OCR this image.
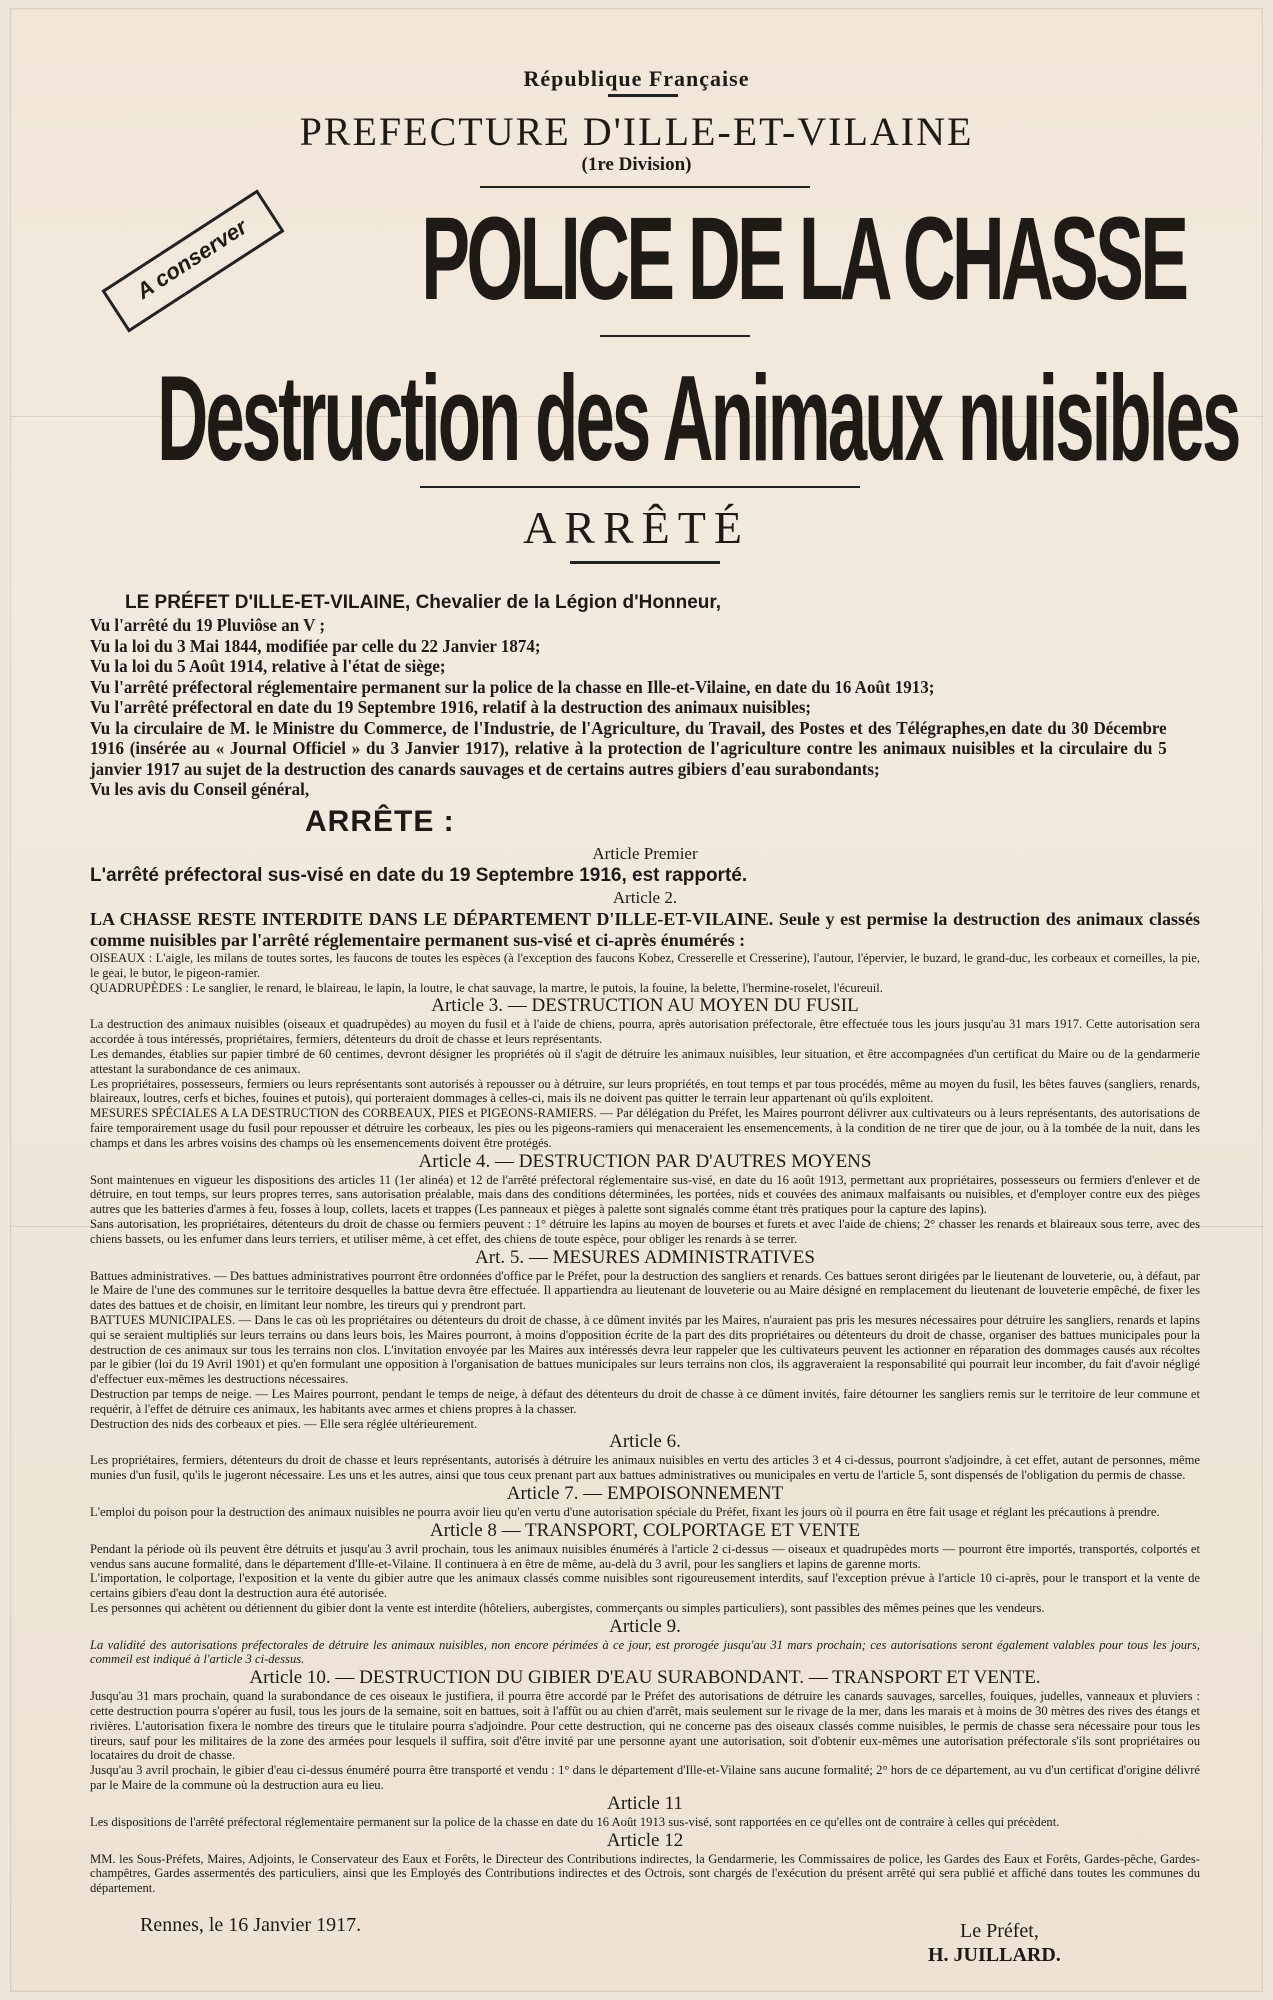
République Française
PREFECTURE D'ILLE-ET-VILAINE
(1re Division)
A conserver POLICE DE LA CHASSE
Destruction des Animaux nuisibles
ARRÊTÉ

LE PRÉFET D'ILLE-ET-VILAINE, Chevalier de la Légion d'Honneur,

Vu l'arrêté du 19 Pluviôse an V ;

Vu la loi du 3 Mai 1844, modifiée par celle du 22 Janvier 1874;

Vu la loi du 5 Août 1914, relative à l'état de siège;

Vu l'arrêté préfectoral réglementaire permanent sur la police de la chasse en Ille-et-Vilaine, en date du 16 Août 1913;

Vu l'arrêté préfectoral en date du 19 Septembre 1916, relatif à la destruction des animaux nuisibles;

Vu la circulaire de M. le Ministre du Commerce, de l'Industrie, de l'Agriculture, du Travail, des Postes et des Télégraphes,en date du 30 Décembre 1916 (insérée au « Journal Officiel » du 3 Janvier 1917), relative à la protection de l'agriculture contre les animaux nuisibles et la circulaire du 5 janvier 1917 au sujet de la destruction des canards sauvages et de certains autres gibiers d'eau surabondants;

Vu les avis du Conseil général,

ARRÊTE :

Article Premier

L'arrêté préfectoral sus-visé en date du 19 Septembre 1916, est rapporté.

Article 2.

LA CHASSE RESTE INTERDITE DANS LE DÉPARTEMENT D'ILLE-ET-VILAINE. Seule y est permise la destruction des animaux classés comme nuisibles par l'arrêté réglementaire permanent sus-visé et ci-après énumérés :

OISEAUX : L'aigle, les milans de toutes sortes, les faucons de toutes les espèces (à l'exception des faucons Kobez, Cresserelle et Cresserine), l'autour, l'épervier, le buzard, le grand-duc, les corbeaux et corneilles, la pie, le geai, le butor, le pigeon-ramier.

QUADRUPÈDES : Le sanglier, le renard, le blaireau, le lapin, la loutre, le chat sauvage, la martre, le putois, la fouine, la belette, l'hermine-roselet, l'écureuil.

Article 3. — DESTRUCTION AU MOYEN DU FUSIL

La destruction des animaux nuisibles (oiseaux et quadrupèdes) au moyen du fusil et à l'aide de chiens, pourra, après autorisation préfectorale, être effectuée tous les jours jusqu'au 31 mars 1917. Cette autorisation sera accordée à tous intéressés, propriétaires, fermiers, détenteurs du droit de chasse et leurs représentants.

Les demandes, établies sur papier timbré de 60 centimes, devront désigner les propriétés où il s'agit de détruire les animaux nuisibles, leur situation, et être accompagnées d'un certificat du Maire ou de la gendarmerie attestant la surabondance de ces animaux.

Les propriétaires, possesseurs, fermiers ou leurs représentants sont autorisés à repousser ou à détruire, sur leurs propriétés, en tout temps et par tous procédés, même au moyen du fusil, les bêtes fauves (sangliers, renards, blaireaux, loutres, cerfs et biches, fouines et putois), qui porteraient dommages à celles-ci, mais ils ne doivent pas quitter le terrain leur appartenant où qu'ils exploitent.

MESURES SPÉCIALES A LA DESTRUCTION des CORBEAUX, PIES et PIGEONS-RAMIERS. — Par délégation du Préfet, les Maires pourront délivrer aux cultivateurs ou à leurs représentants, des autorisations de faire temporairement usage du fusil pour repousser et détruire les corbeaux, les pies ou les pigeons-ramiers qui menaceraient les ensemencements, à la condition de ne tirer que de jour, ou à la tombée de la nuit, dans les champs et dans les arbres voisins des champs où les ensemencements doivent être protégés.

Article 4. — DESTRUCTION PAR D'AUTRES MOYENS

Sont maintenues en vigueur les dispositions des articles 11 (1er alinéa) et 12 de l'arrêté préfectoral réglementaire sus-visé, en date du 16 août 1913, permettant aux propriétaires, possesseurs ou fermiers d'enlever et de détruire, en tout temps, sur leurs propres terres, sans autorisation préalable, mais dans des conditions déterminées, les portées, nids et couvées des animaux malfaisants ou nuisibles, et d'employer contre eux des pièges autres que les batteries d'armes à feu, fosses à loup, collets, lacets et trappes (Les panneaux et pièges à palette sont signalés comme étant très pratiques pour la capture des lapins).

Sans autorisation, les propriétaires, détenteurs du droit de chasse ou fermiers peuvent : 1° détruire les lapins au moyen de bourses et furets et avec l'aide de chiens; 2° chasser les renards et blaireaux sous terre, avec des chiens bassets, ou les enfumer dans leurs terriers, et utiliser même, à cet effet, des chiens de toute espèce, pour obliger les renards à se terrer.

Art. 5. — MESURES ADMINISTRATIVES

Battues administratives. — Des battues administratives pourront être ordonnées d'office par le Préfet, pour la destruction des sangliers et renards. Ces battues seront dirigées par le lieutenant de louveterie, ou, à défaut, par le Maire de l'une des communes sur le territoire desquelles la battue devra être effectuée. Il appartiendra au lieutenant de louveterie ou au Maire désigné en remplacement du lieutenant de louveterie empêché, de fixer les dates des battues et de choisir, en limitant leur nombre, les tireurs qui y prendront part.

BATTUES MUNICIPALES. — Dans le cas où les propriétaires ou détenteurs du droit de chasse, à ce dûment invités par les Maires, n'auraient pas pris les mesures nécessaires pour détruire les sangliers, renards et lapins qui se seraient multipliés sur leurs terrains ou dans leurs bois, les Maires pourront, à moins d'opposition écrite de la part des dits propriétaires ou détenteurs du droit de chasse, organiser des battues municipales pour la destruction de ces animaux sur tous les terrains non clos. L'invitation envoyée par les Maires aux intéressés devra leur rappeler que les cultivateurs peuvent les actionner en réparation des dommages causés aux récoltes par le gibier (loi du 19 Avril 1901) et qu'en formulant une opposition à l'organisation de battues municipales sur leurs terrains non clos, ils aggraveraient la responsabilité qui pourrait leur incomber, du fait d'avoir négligé d'effectuer eux-mêmes les destructions nécessaires.

Destruction par temps de neige. — Les Maires pourront, pendant le temps de neige, à défaut des détenteurs du droit de chasse à ce dûment invités, faire détourner les sangliers remis sur le territoire de leur commune et requérir, à l'effet de détruire ces animaux, les habitants avec armes et chiens propres à la chasser.

Destruction des nids des corbeaux et pies. — Elle sera réglée ultérieurement.

Article 6.

Les propriétaires, fermiers, détenteurs du droit de chasse et leurs représentants, autorisés à détruire les animaux nuisibles en vertu des articles 3 et 4 ci-dessus, pourront s'adjoindre, à cet effet, autant de personnes, même munies d'un fusil, qu'ils le jugeront nécessaire. Les uns et les autres, ainsi que tous ceux prenant part aux battues administratives ou municipales en vertu de l'article 5, sont dispensés de l'obligation du permis de chasse.

Article 7. — EMPOISONNEMENT

L'emploi du poison pour la destruction des animaux nuisibles ne pourra avoir lieu qu'en vertu d'une autorisation spéciale du Préfet, fixant les jours où il pourra en être fait usage et réglant les précautions à prendre.

Article 8 — TRANSPORT, COLPORTAGE ET VENTE

Pendant la période où ils peuvent être détruits et jusqu'au 3 avril prochain, tous les animaux nuisibles énumérés à l'article 2 ci-dessus — oiseaux et quadrupèdes morts — pourront être importés, transportés, colportés et vendus sans aucune formalité, dans le département d'Ille-et-Vilaine. Il continuera à en être de même, au-delà du 3 avril, pour les sangliers et lapins de garenne morts.

L'importation, le colportage, l'exposition et la vente du gibier autre que les animaux classés comme nuisibles sont rigoureusement interdits, sauf l'exception prévue à l'article 10 ci-après, pour le transport et la vente de certains gibiers d'eau dont la destruction aura été autorisée.

Les personnes qui achètent ou détiennent du gibier dont la vente est interdite (hôteliers, aubergistes, commerçants ou simples particuliers), sont passibles des mêmes peines que les vendeurs.

Article 9.

La validité des autorisations préfectorales de détruire les animaux nuisibles, non encore périmées à ce jour, est prorogée jusqu'au 31 mars prochain; ces autorisations seront également valables pour tous les jours, commeil est indiqué à l'article 3 ci-dessus.

Article 10. — DESTRUCTION DU GIBIER D'EAU SURABONDANT. — TRANSPORT ET VENTE.

Jusqu'au 31 mars prochain, quand la surabondance de ces oiseaux le justifiera, il pourra être accordé par le Préfet des autorisations de détruire les canards sauvages, sarcelles, fouiques, judelles, vanneaux et pluviers : cette destruction pourra s'opérer au fusil, tous les jours de la semaine, soit en battues, soit à l'affût ou au chien d'arrêt, mais seulement sur le rivage de la mer, dans les marais et à moins de 30 mètres des rives des étangs et rivières. L'autorisation fixera le nombre des tireurs que le titulaire pourra s'adjoindre. Pour cette destruction, qui ne concerne pas des oiseaux classés comme nuisibles, le permis de chasse sera nécessaire pour tous les tireurs, sauf pour les militaires de la zone des armées pour lesquels il suffira, soit d'être invité par une personne ayant une autorisation, soit d'obtenir eux-mêmes une autorisation préfectorale s'ils sont propriétaires ou locataires du droit de chasse.

Jusqu'au 3 avril prochain, le gibier d'eau ci-dessus énuméré pourra être transporté et vendu : 1° dans le département d'Ille-et-Vilaine sans aucune formalité; 2° hors de ce département, au vu d'un certificat d'origine délivré par le Maire de la commune où la destruction aura eu lieu.

Article 11

Les dispositions de l'arrêté préfectoral réglementaire permanent sur la police de la chasse en date du 16 Août 1913 sus-visé, sont rapportées en ce qu'elles ont de contraire à celles qui précèdent.

Article 12

MM. les Sous-Préfets, Maires, Adjoints, le Conservateur des Eaux et Forêts, le Directeur des Contributions indirectes, la Gendarmerie, les Commissaires de police, les Gardes des Eaux et Forêts, Gardes-pêche, Gardes-champêtres, Gardes assermentés des particuliers, ainsi que les Employés des Contributions indirectes et des Octrois, sont chargés de l'exécution du présent arrêté qui sera publié et affiché dans toutes les communes du département.

Rennes, le 16 Janvier 1917.	Le Préfet,
H. JUILLARD.
